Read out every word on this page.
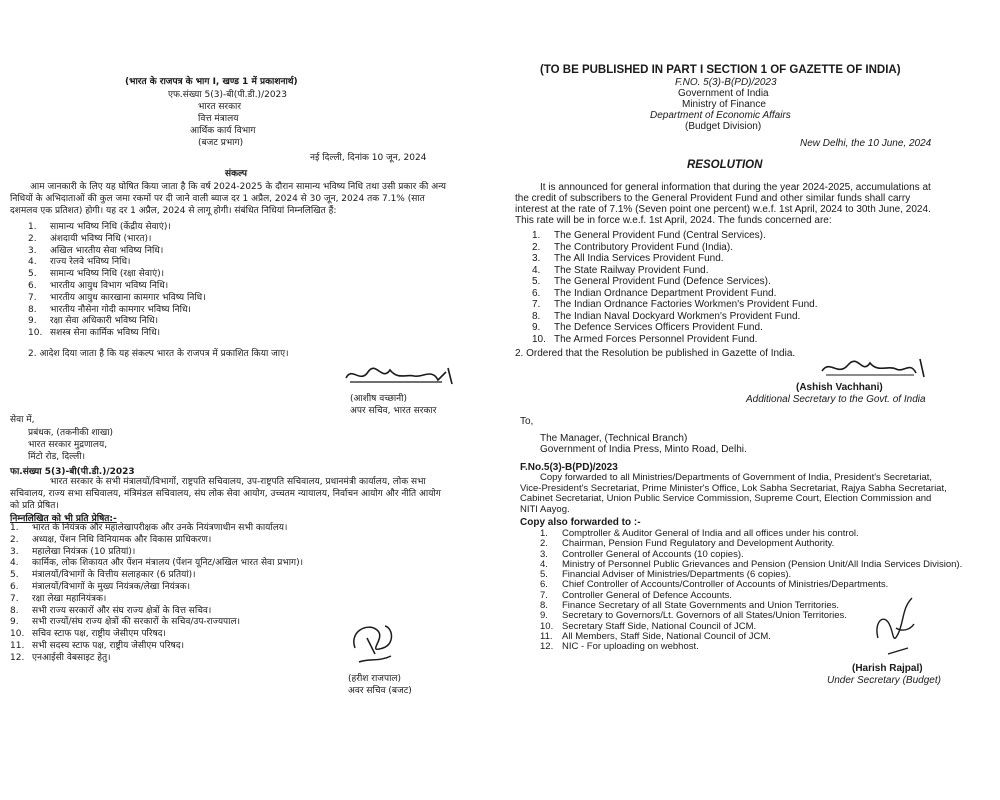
(भारत के राजपत्र के भाग I, खण्ड 1 में प्रकाशनार्थ)
एफ.संख्या 5(3)-बी(पी.डी.)/2023
भारत सरकार
वित्त मंत्रालय
आर्थिक कार्य विभाग
(बजट प्रभाग)
नई दिल्ली, दिनांक 10 जून, 2024
संकल्प
आम जानकारी के लिए यह घोषित किया जाता है कि वर्ष 2024-2025 के दौरान सामान्य भविष्य निधि तथा उसी प्रकार की अन्य निधियों के अभिदाताओं की कुल जमा रकमों पर दी जाने वाली ब्याज दर 1 अप्रैल, 2024 से 30 जून, 2024 तक 7.1% (सात दशमलव एक प्रतिशत) होगी। यह दर 1 अप्रैल, 2024 से लागू होगी। संबंधित निधियां निम्नलिखित हैं:
1. सामान्य भविष्य निधि (केंद्रीय सेवाएं)।
2. अंशदायी भविष्य निधि (भारत)।
3. अखिल भारतीय सेवा भविष्य निधि।
4. राज्य रेलवे भविष्य निधि।
5. सामान्य भविष्य निधि (रक्षा सेवाएं)।
6. भारतीय आयुध विभाग भविष्य निधि।
7. भारतीय आयुध कारखाना कामगार भविष्य निधि।
8. भारतीय नौसेना गोदी कामगार भविष्य निधि।
9. रक्षा सेवा अधिकारी भविष्य निधि।
10. सशस्त्र सेना कार्मिक भविष्य निधि।
2. आदेश दिया जाता है कि यह संकल्प भारत के राजपत्र में प्रकाशित किया जाए।
(आशीष वच्छानी)
अपर सचिव, भारत सरकार
सेवा में,
प्रबंधक, (तकनीकी शाखा)
भारत सरकार मुद्रणालय,
मिंटो रोड, दिल्ली।
फा.संख्या 5(3)-बी(पी.डी.)/2023
भारत सरकार के सभी मंत्रालयों/विभागों, राष्ट्रपति सचिवालय, उप-राष्ट्रपति सचिवालय, प्रधानमंत्री कार्यालय, लोक सभा सचिवालय, राज्य सभा सचिवालय, मंत्रिमंडल सचिवालय, संघ लोक सेवा आयोग, उच्चतम न्यायालय, निर्वाचन आयोग और नीति आयोग को प्रति प्रेषित।
निम्नलिखित को भी प्रति प्रेषित:-
1. भारत के नियंत्रक और महालेखापरीक्षक और उनके नियंत्रणाधीन सभी कार्यालय।
2. अध्यक्ष, पेंशन निधि विनियामक और विकास प्राधिकरण।
3. महालेखा नियंत्रक (10 प्रतियां)।
4. कार्मिक, लोक शिकायत और पेंशन मंत्रालय (पेंशन यूनिट/अखिल भारत सेवा प्रभाग)।
5. मंत्रालयों/विभागों के वित्तीय सलाहकार (6 प्रतियां)।
6. मंत्रालयों/विभागों के मुख्य नियंत्रक/लेखा नियंत्रक।
7. रक्षा लेखा महानियंत्रक।
8. सभी राज्य सरकारों और संघ राज्य क्षेत्रों के वित्त सचिव।
9. सभी राज्यों/संघ राज्य क्षेत्रों की सरकारों के सचिव/उप-राज्यपाल।
10. सचिव स्टाफ पक्ष, राष्ट्रीय जेसीएम परिषद।
11. सभी सदस्य स्टाफ पक्ष, राष्ट्रीय जेसीएम परिषद।
12. एनआईसी वेबसाइट हेतु।
(हरीश राजपाल)
अवर सचिव (बजट)
(TO BE PUBLISHED IN PART I SECTION 1 OF GAZETTE OF INDIA)
F.NO. 5(3)-B(PD)/2023
Government of India
Ministry of Finance
Department of Economic Affairs
(Budget Division)
New Delhi, the 10 June, 2024
RESOLUTION
It is announced for general information that during the year 2024-2025, accumulations at the credit of subscribers to the General Provident Fund and other similar funds shall carry interest at the rate of 7.1% (Seven point one percent) w.e.f. 1st April, 2024 to 30th June, 2024. This rate will be in force w.e.f. 1st April, 2024. The funds concerned are:
1. The General Provident Fund (Central Services).
2. The Contributory Provident Fund (India).
3. The All India Services Provident Fund.
4. The State Railway Provident Fund.
5. The General Provident Fund (Defence Services).
6. The Indian Ordnance Department Provident Fund.
7. The Indian Ordnance Factories Workmen's Provident Fund.
8. The Indian Naval Dockyard Workmen's Provident Fund.
9. The Defence Services Officers Provident Fund.
10. The Armed Forces Personnel Provident Fund.
2. Ordered that the Resolution be published in Gazette of India.
(Ashish Vachhani)
Additional Secretary to the Govt. of India
To,
The Manager, (Technical Branch)
Government of India Press, Minto Road, Delhi.
F.No.5(3)-B(PD)/2023
Copy forwarded to all Ministries/Departments of Government of India, President's Secretariat, Vice-President's Secretariat, Prime Minister's Office, Lok Sabha Secretariat, Rajya Sabha Secretariat, Cabinet Secretariat, Union Public Service Commission, Supreme Court, Election Commission and NITI Aayog.
Copy also forwarded to :-
1. Comptroller & Auditor General of India and all offices under his control.
2. Chairman, Pension Fund Regulatory and Development Authority.
3. Controller General of Accounts (10 copies).
4. Ministry of Personnel Public Grievances and Pension (Pension Unit/All India Services Division).
5. Financial Adviser of Ministries/Departments (6 copies).
6. Chief Controller of Accounts/Controller of Accounts of Ministries/Departments.
7. Controller General of Defence Accounts.
8. Finance Secretary of all State Governments and Union Territories.
9. Secretary to Governors/Lt. Governors of all States/Union Territories.
10. Secretary Staff Side, National Council of JCM.
11. All Members, Staff Side, National Council of JCM.
12. NIC - For uploading on webhost.
(Harish Rajpal)
Under Secretary (Budget)
